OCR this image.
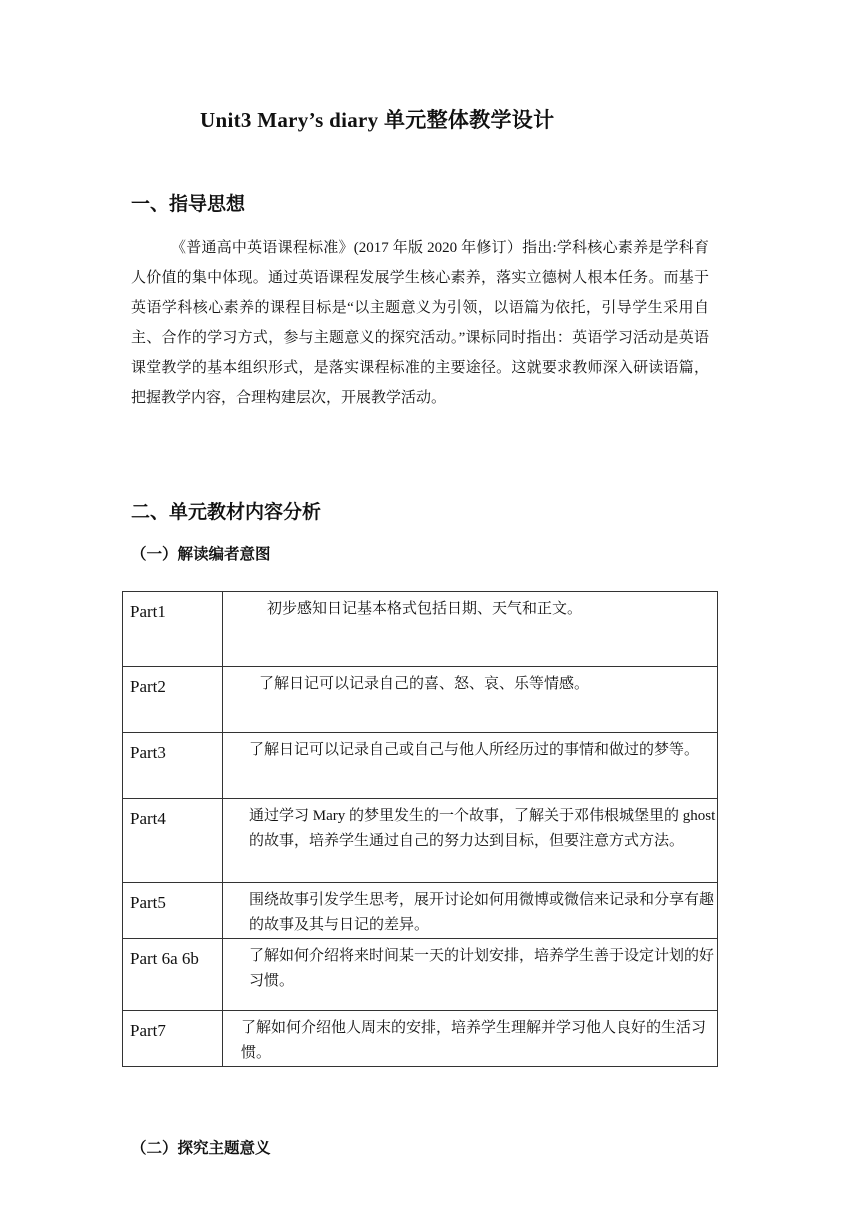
Unit3 Mary’s diary 单元整体教学设计
一、指导思想
《普通高中英语课程标准》(2017 年版 2020 年修订）指出:学科核心素养是学科育人价值的集中体现。通过英语课程发展学生核心素养，落实立德树人根本任务。而基于英语学科核心素养的课程目标是“以主题意义为引领，以语篇为依托，引导学生采用自主、合作的学习方式，参与主题意义的探究活动。”课标同时指出：英语学习活动是英语课堂教学的基本组织形式，是落实课程标准的主要途径。这就要求教师深入研读语篇，把握教学内容，合理构建层次，开展教学活动。
二、单元教材内容分析
（一）解读编者意图
Part1	初步感知日记基本格式包括日期、天气和正文。
Part2	了解日记可以记录自己的喜、怒、哀、乐等情感。
Part3	了解日记可以记录自己或自己与他人所经历过的事情和做过的梦等。
Part4	通过学习 Mary 的梦里发生的一个故事，了解关于邓伟根城堡里的 ghost 的故事，培养学生通过自己的努力达到目标，但要注意方式方法。
Part5	围绕故事引发学生思考，展开讨论如何用微博或微信来记录和分享有趣的故事及其与日记的差异。
Part 6a 6b	了解如何介绍将来时间某一天的计划安排，培养学生善于设定计划的好习惯。
Part7	了解如何介绍他人周末的安排，培养学生理解并学习他人良好的生活习惯。
（二）探究主题意义
